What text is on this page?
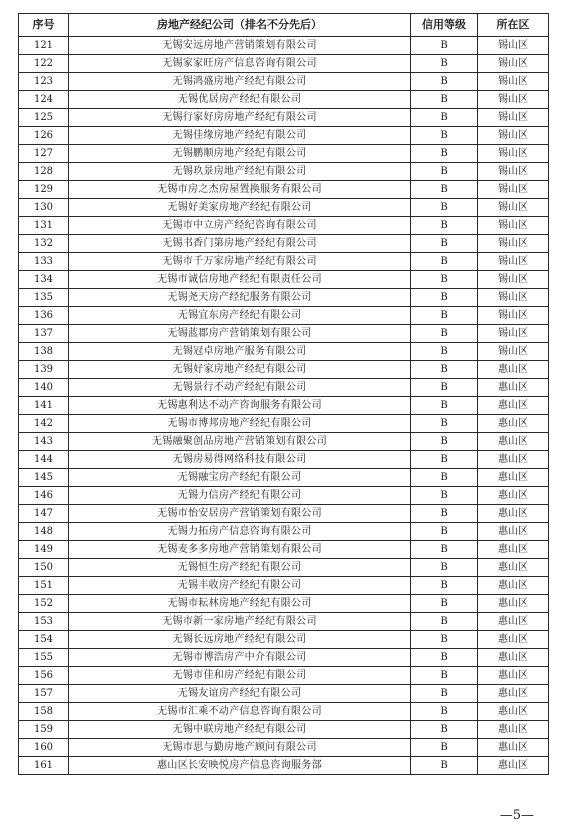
序号	房地产经纪公司（排名不分先后）	信用等级	所在区
121	无锡安远房地产营销策划有限公司	B	锡山区
122	无锡家家旺房产信息咨询有限公司	B	锡山区
123	无锡鸿盛房地产经纪有限公司	B	锡山区
124	无锡优居房产经纪有限公司	B	锡山区
125	无锡行家好房房地产经纪有限公司	B	锡山区
126	无锡佳缘房地产经纪有限公司	B	锡山区
127	无锡鹏顺房地产经纪有限公司	B	锡山区
128	无锡玖景房地产经纪有限公司	B	锡山区
129	无锡市房之杰房屋置换服务有限公司	B	锡山区
130	无锡好美家房地产经纪有限公司	B	锡山区
131	无锡市中立房产经纪咨询有限公司	B	锡山区
132	无锡书香门第房地产经纪有限公司	B	锡山区
133	无锡市千万家房地产经纪有限公司	B	锡山区
134	无锡市诚信房地产经纪有限责任公司	B	锡山区
135	无锡尧天房产经纪服务有限公司	B	锡山区
136	无锡宜东房产经纪有限公司	B	锡山区
137	无锡蓝郡房产营销策划有限公司	B	锡山区
138	无锡冠卓房地产服务有限公司	B	锡山区
139	无锡好家房地产经纪有限公司	B	惠山区
140	无锡景行不动产经纪有限公司	B	惠山区
141	无锡惠利达不动产咨询服务有限公司	B	惠山区
142	无锡市博邦房地产经纪有限公司	B	惠山区
143	无锡融聚创品房地产营销策划有限公司	B	惠山区
144	无锡房易得网络科技有限公司	B	惠山区
145	无锡融宝房产经纪有限公司	B	惠山区
146	无锡力信房产经纪有限公司	B	惠山区
147	无锡市怡安居房产营销策划有限公司	B	惠山区
148	无锡力拓房产信息咨询有限公司	B	惠山区
149	无锡麦多多房地产营销策划有限公司	B	惠山区
150	无锡恒生房产经纪有限公司	B	惠山区
151	无锡丰收房产经纪有限公司	B	惠山区
152	无锡市耘林房地产经纪有限公司	B	惠山区
153	无锡市新一家房地产经纪有限公司	B	惠山区
154	无锡长远房地产经纪有限公司	B	惠山区
155	无锡市博浩房产中介有限公司	B	惠山区
156	无锡市佳和房产经纪有限公司	B	惠山区
157	无锡友谊房产经纪有限公司	B	惠山区
158	无锡市汇乘不动产信息咨询有限公司	B	惠山区
159	无锡中联房地产经纪有限公司	B	惠山区
160	无锡市思与勤房地产顾问有限公司	B	惠山区
161	惠山区长安映悦房产信息咨询服务部	B	惠山区
—5—
